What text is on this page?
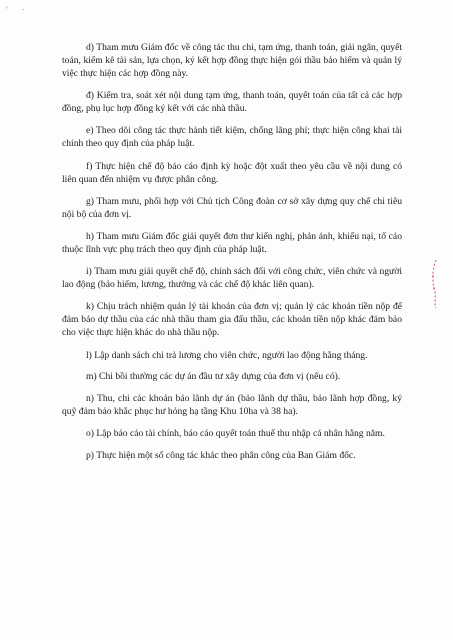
' ·

d) Tham mưu Giám đốc về công tác thu chi, tạm ứng, thanh toán, giải ngân, quyết toán, kiểm kê tài sản, lựa chọn, ký kết hợp đồng thực hiện gói thầu bảo hiểm và quản lý việc thực hiện các hợp đồng này.

đ) Kiểm tra, soát xét nội dung tạm ứng, thanh toán, quyết toán của tất cả các hợp đồng, phụ lục hợp đồng ký kết với các nhà thầu.

e) Theo dõi công tác thực hành tiết kiệm, chống lãng phí; thực hiện công khai tài chính theo quy định của pháp luật.

f) Thực hiện chế độ báo cáo định kỳ hoặc đột xuất theo yêu cầu về nội dung có liên quan đến nhiệm vụ được phân công.

g) Tham mưu, phối hợp với Chủ tịch Công đoàn cơ sở xây dựng quy chế chi tiêu nội bộ của đơn vị.

h) Tham mưu Giám đốc giải quyết đơn thư kiến nghị, phản ánh, khiếu nại, tố cáo thuộc lĩnh vực phụ trách theo quy định của pháp luật.

i) Tham mưu giải quyết chế độ, chính sách đối với công chức, viên chức và người lao động (bảo hiểm, lương, thưởng và các chế độ khác liên quan).

k) Chịu trách nhiệm quản lý tài khoản của đơn vị; quản lý các khoản tiền nộp để đảm bảo dự thầu của các nhà thầu tham gia đấu thầu, các khoản tiền nộp khác đảm bảo cho việc thực hiện khác do nhà thầu nộp.

l) Lập danh sách chi trả lương cho viên chức, người lao động hằng tháng.

m) Chi bồi thường các dự án đầu tư xây dựng của đơn vị (nếu có).

n) Thu, chi các khoản bảo lãnh dự án (bảo lãnh dự thầu, bảo lãnh hợp đồng, ký quỹ đảm bảo khắc phục hư hỏng hạ tầng Khu 10ha và 38 ha).

o) Lập báo cáo tài chính, báo cáo quyết toán thuế thu nhập cá nhân hằng năm.

p) Thực hiện một số công tác khác theo phân công của Ban Giám đốc.
